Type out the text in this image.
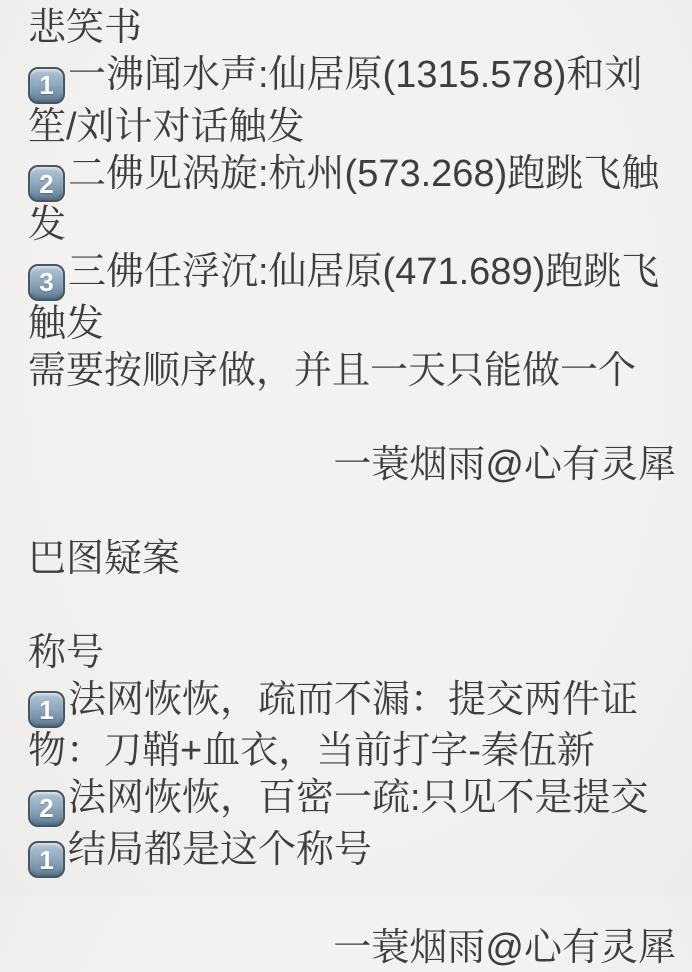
悲笑书

1 一沸闻水声:仙居原(1315.578)和刘笙/刘计对话触发

2 二佛见涡旋:杭州(573.268)跑跳飞触发

3 三佛任浮沉:仙居原(471.689)跑跳飞触发

需要按顺序做，并且一天只能做一个

一蓑烟雨@心有灵犀

巴图疑案

称号

1 法网恢恢，疏而不漏：提交两件证物：刀鞘+血衣，当前打字-秦伍新

2 法网恢恢，百密一疏:只见不是提交1 结局都是这个称号

一蓑烟雨@心有灵犀
